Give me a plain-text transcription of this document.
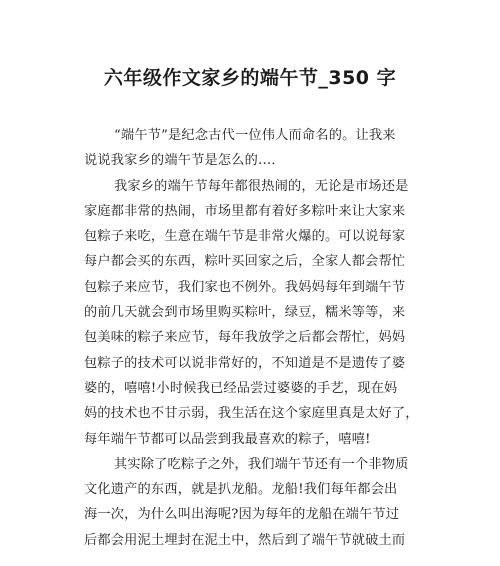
六年级作文家乡的端午节_350 字
“端午节”是纪念古代一位伟人而命名的。让我来
说说我家乡的端午节是怎么的…．
我家乡的端午节每年都很热闹的，无论是市场还是
家庭都非常的热闹，市场里都有着好多粽叶来让大家来
包粽子来吃，生意在端午节是非常火爆的。可以说每家
每户都会买的东西，粽叶买回家之后，全家人都会帮忙
包粽子来应节，我们家也不例外。我妈妈每年到端午节
的前几天就会到市场里购买粽叶，绿豆，糯米等等，来
包美味的粽子来应节，每年我放学之后都会帮忙，妈妈
包粽子的技术可以说非常好的，不知道是不是遗传了婆
婆的，嘻嘻!小时候我已经品尝过婆婆的手艺，现在妈
妈的技术也不甘示弱，我生活在这个家庭里真是太好了，
每年端午节都可以品尝到我最喜欢的粽子，嘻嘻!
其实除了吃粽子之外，我们端午节还有一个非物质
文化遗产的东西，就是扒龙船。龙船!我们每年都会出
海一次，为什么叫出海呢?因为每年的龙船在端午节过
后都会用泥土埋封在泥土中，然后到了端午节就破土而
